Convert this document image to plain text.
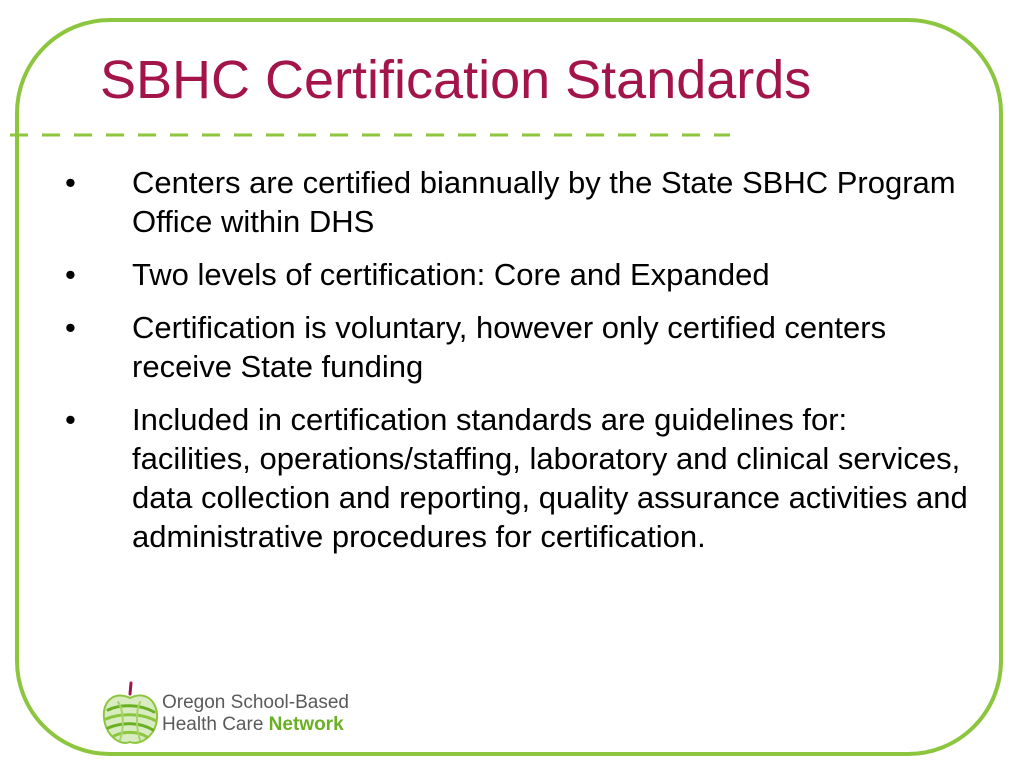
SBHC Certification Standards
• Centers are certified biannually by the State SBHC Program Office within DHS
• Two levels of certification: Core and Expanded
• Certification is voluntary, however only certified centers receive State funding
• Included in certification standards are guidelines for: facilities, operations/staffing, laboratory and clinical services, data collection and reporting, quality assurance activities and administrative procedures for certification.
Oregon School-Based
Health Care Network
